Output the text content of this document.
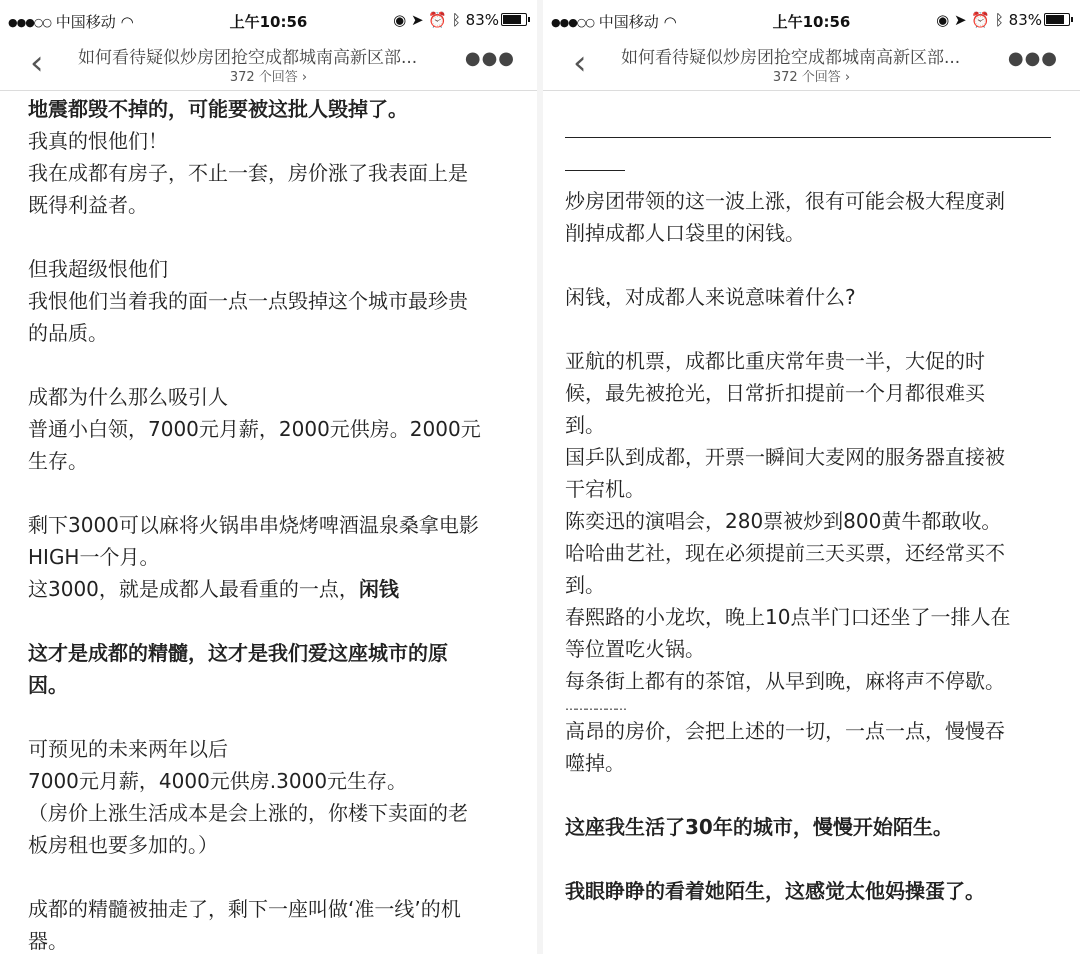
●●●○○ 中国移动 ◠	上午10:56	◉ ➤ ⏰ ᛒ 83%
‹ 如何看待疑似炒房团抢空成都城南高新区部...
372 个回答 ›
●●●

地震都毁不掉的，可能要被这批人毁掉了。

我真的恨他们！

我在成都有房子，不止一套，房价涨了我表面上是

既得利益者。

但我超级恨他们

我恨他们当着我的面一点一点毁掉这个城市最珍贵

的品质。

成都为什么那么吸引人

普通小白领，7000元月薪，2000元供房。2000元

生存。

剩下3000可以麻将火锅串串烧烤啤酒温泉桑拿电影

HIGH一个月。

这3000，就是成都人最看重的一点，闲钱

这才是成都的精髓，这才是我们爱这座城市的原

因。

可预见的未来两年以后

7000元月薪，4000元供房.3000元生存。

（房价上涨生活成本是会上涨的，你楼下卖面的老

板房租也要多加的。）

成都的精髓被抽走了，剩下一座叫做‘准一线’的机

器。

●●●○○ 中国移动 ◠	上午10:56	◉ ➤ ⏰ ᛒ 83%
‹ 如何看待疑似炒房团抢空成都城南高新区部...
372 个回答 ›
●●●

炒房团带领的这一波上涨，很有可能会极大程度剥

削掉成都人口袋里的闲钱。

闲钱，对成都人来说意味着什么?

亚航的机票，成都比重庆常年贵一半，大促的时

候，最先被抢光，日常折扣提前一个月都很难买

到。

国乒队到成都，开票一瞬间大麦网的服务器直接被

干宕机。

陈奕迅的演唱会，280票被炒到800黄牛都敢收。

哈哈曲艺社，现在必须提前三天买票，还经常买不

到。

春熙路的小龙坎，晚上10点半门口还坐了一排人在

等位置吃火锅。

每条街上都有的茶馆，从早到晚，麻将声不停歇。

………………

高昂的房价，会把上述的一切，一点一点，慢慢吞

噬掉。

这座我生活了30年的城市，慢慢开始陌生。

我眼睁睁的看着她陌生，这感觉太他妈操蛋了。
